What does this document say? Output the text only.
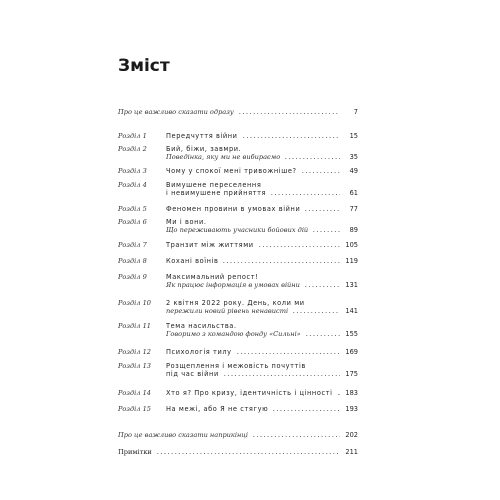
Зміст
Про це важливо сказати одразу	7
Розділ 1	Передчуття війни	15
Розділ 2	Бий, біжи, завмри.
Поведінка, яку ми не вибираємо	35
Розділ 3	Чому у спокої мені тривожніше?	49
Розділ 4	Вимушене переселення
і невимушене прийняття	61
Розділ 5	Феномен провини в умовах війни	77
Розділ 6	Ми і вони.
Що переживають учасники бойових дій	89
Розділ 7	Транзит між життями	105
Розділ 8	Кохані воїнів	119
Розділ 9	Максимальний репост!
Як працює інформація в умовах війни	131
Розділ 10	2 квітня 2022 року. День, коли ми
пережили новий рівень ненависті	141
Розділ 11	Тема насильства.
Говоримо з командою фонду «Сильні»	155
Розділ 12	Психологія тилу	169
Розділ 13	Розщеплення і межовість почуттів
під час війни	175
Розділ 14	Хто я? Про кризу, ідентичність і цінності 183
Розділ 15	На межі, або Я не стягую	193
Про це важливо сказати наприкінці	202
Примітки	211
